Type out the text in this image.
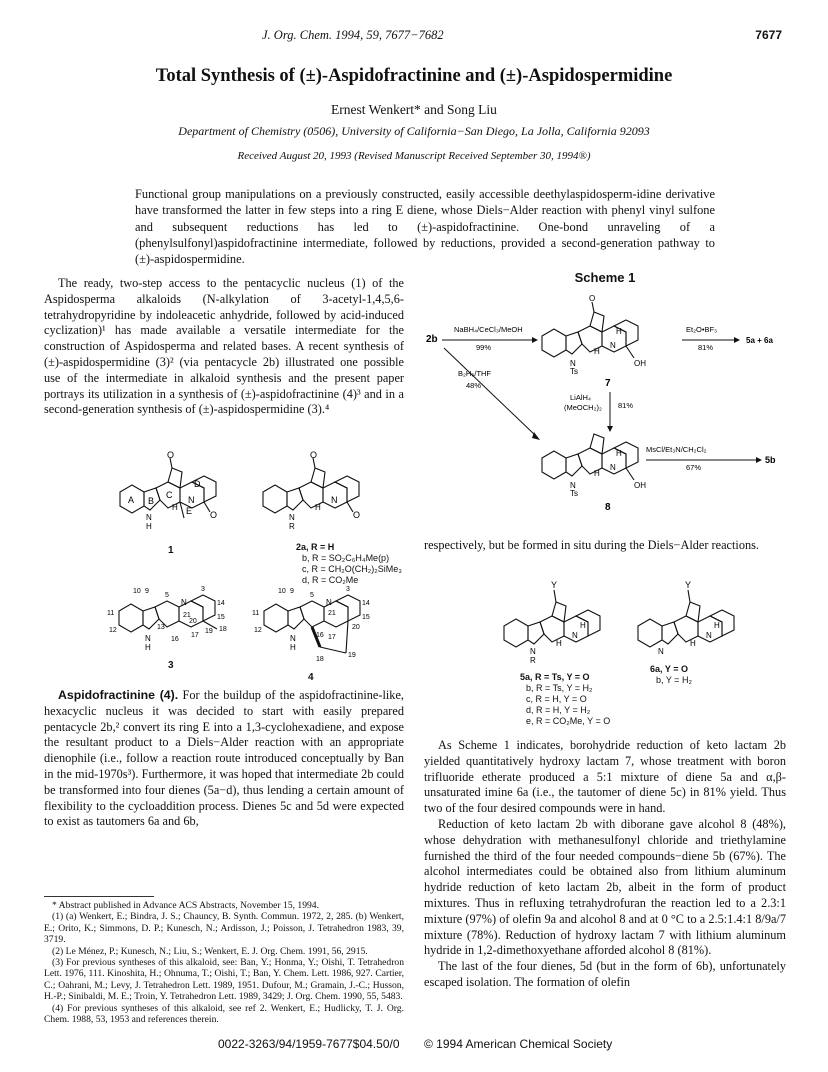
J. Org. Chem. 1994, 59, 7677−7682	7677
Total Synthesis of (±)-Aspidofractinine and (±)-Aspidospermidine
Ernest Wenkert* and Song Liu
Department of Chemistry (0506), University of California−San Diego, La Jolla, California 92093
Received August 20, 1993 (Revised Manuscript Received September 30, 1994®)
Functional group manipulations on a previously constructed, easily accessible deethylaspidosperm-idine derivative have transformed the latter in few steps into a ring E diene, whose Diels−Alder reaction with phenyl vinyl sulfone and subsequent reductions has led to (±)-aspidofractinine. One-bond unraveling of a (phenylsulfonyl)aspidofractinine intermediate, followed by reductions, provided a second-generation pathway to (±)-aspidospermidine.

The ready, two-step access to the pentacyclic nucleus (1) of the Aspidosperma alkaloids (N-alkylation of 3-acetyl-1,4,5,6-tetrahydropyridine by indoleacetic anhydride, followed by acid-induced cyclization)¹ has made available a versatile intermediate for the construction of Aspidosperma and related bases. A recent synthesis of (±)-aspidospermidine (3)² (via pentacycle 2b) illustrated one possible use of the intermediate in alkaloid synthesis and the present paper portrays its utilization in a synthesis of (±)-aspidofractinine (4)³ and in a second-generation synthesis of (±)-aspidospermidine (3).⁴

A B
C
D
N
E
O
O
H
N
H
1
O
O
N
H
N
R
2a, R = H
b, R = SO₂C₆H₄Me(p)
c, R = CH₂O(CH₂)₂SiMe₃
d, R = CO₂Me
10 9
11
12
5
3
14
15
18
19
21
20
13
16
17
N
N
H
3
10 9
11
12
5
3
14
15
20
19
18
17
16
21
N
N
H
4

Aspidofractinine (4). For the buildup of the aspidofractinine-like, hexacyclic nucleus it was decided to start with easily prepared pentacycle 2b,² convert its ring E into a 1,3-cyclohexadiene, and expose the resultant product to a Diels−Alder reaction with an appropriate dienophile (i.e., follow a reaction route introduced conceptually by Ban in the mid-1970s³). Furthermore, it was hoped that intermediate 2b could be transformed into four dienes (5a−d), thus lending a certain amount of flexibility to the cycloaddition process. Dienes 5c and 5d were expected to exist as tautomers 6a and 6b,

* Abstract published in Advance ACS Abstracts, November 15, 1994.

(1) (a) Wenkert, E.; Bindra, J. S.; Chauncy, B. Synth. Commun. 1972, 2, 285. (b) Wenkert, E.; Orito, K.; Simmons, D. P.; Kunesch, N.; Ardisson, J.; Poisson, J. Tetrahedron 1983, 39, 3719.

(2) Le Ménez, P.; Kunesch, N.; Liu, S.; Wenkert, E. J. Org. Chem. 1991, 56, 2915.

(3) For previous syntheses of this alkaloid, see: Ban, Y.; Honma, Y.; Oishi, T. Tetrahedron Lett. 1976, 111. Kinoshita, H.; Ohnuma, T.; Oishi, T.; Ban, Y. Chem. Lett. 1986, 927. Cartier, C.; Oahrani, M.; Levy, J. Tetrahedron Lett. 1989, 1951. Dufour, M.; Gramain, J.-C.; Husson, H.-P.; Sinibaldi, M. E.; Troin, Y. Tetrahedron Lett. 1989, 3429; J. Org. Chem. 1990, 55, 5483.

(4) For previous syntheses of this alkaloid, see ref 2. Wenkert, E.; Hudlicky, T. J. Org. Chem. 1988, 53, 1953 and references therein.

Scheme 1
2b
NaBH₄/CeCl₃/MeOH
99%
O
N
H
H
OH
N
Ts
7
Et₂O•BF₃
81%
5a + 6a
B₂H₆/THF
48%
LiAlH₄
(MeOCH₂)₂ 81%
N
H
H
OH
N
Ts
8
MsCl/Et₃N/CH₂Cl₂
67%
5b

respectively, but be formed in situ during the Diels−Alder reactions.

Y
N
H
H
N
R
5a, R = Ts, Y = O
b, R = Ts, Y = H₂
c, R = H, Y = O
d, R = H, Y = H₂
e, R = CO₂Me, Y = O
Y
N
H
H
N
6a, Y = O
b, Y = H₂

As Scheme 1 indicates, borohydride reduction of keto lactam 2b yielded quantitatively hydroxy lactam 7, whose treatment with boron trifluoride etherate produced a 5:1 mixture of diene 5a and α,β-unsaturated imine 6a (i.e., the tautomer of diene 5c) in 81% yield. Thus two of the four desired compounds were in hand.

Reduction of keto lactam 2b with diborane gave alcohol 8 (48%), whose dehydration with methanesulfonyl chloride and triethylamine furnished the third of the four needed compounds−diene 5b (67%). The alcohol intermediates could be obtained also from lithium aluminum hydride reduction of keto lactam 2b, albeit in the form of product mixtures. Thus in refluxing tetrahydrofuran the reaction led to a 2.3:1 mixture (97%) of olefin 9a and alcohol 8 and at 0 °C to a 2.5:1.4:1 8/9a/7 mixture (78%). Reduction of hydroxy lactam 7 with lithium aluminum hydride in 1,2-dimethoxyethane afforded alcohol 8 (81%).

The last of the four dienes, 5d (but in the form of 6b), unfortunately escaped isolation. The formation of olefin

0022-3263/94/1959-7677$04.50/0 © 1994 American Chemical Society
